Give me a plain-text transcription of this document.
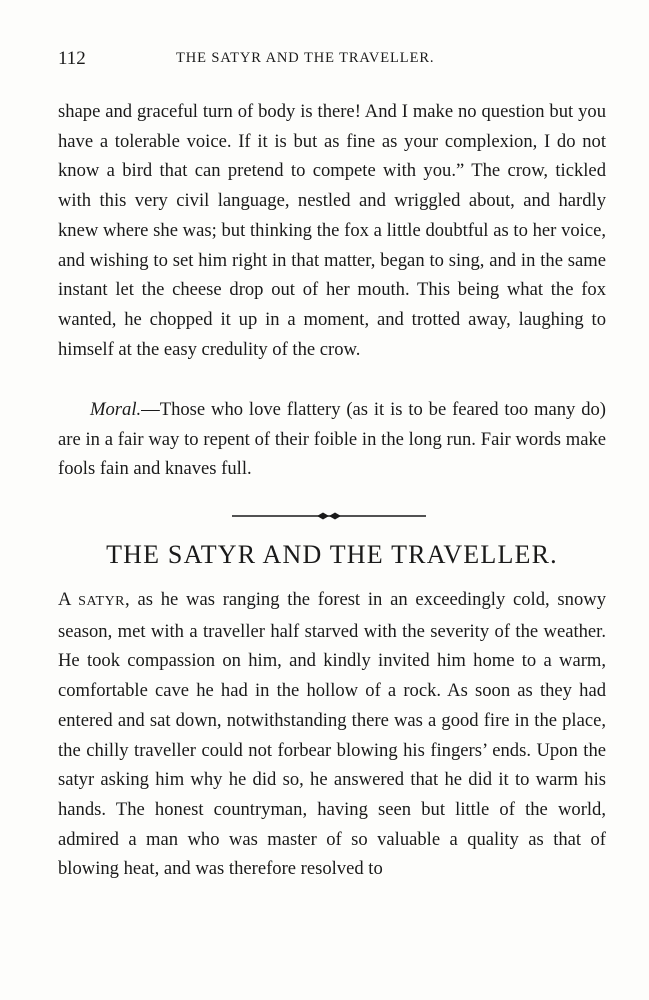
112	THE SATYR AND THE TRAVELLER.

shape and graceful turn of body is there! And I make no question but you have a tolerable voice. If it is but as fine as your complexion, I do not know a bird that can pretend to compete with you.” The crow, tickled with this very civil language, nestled and wriggled about, and hardly knew where she was; but thinking the fox a little doubtful as to her voice, and wishing to set him right in that matter, began to sing, and in the same instant let the cheese drop out of her mouth. This being what the fox wanted, he chopped it up in a moment, and trotted away, laughing to himself at the easy credulity of the crow.

Moral.—Those who love flattery (as it is to be feared too many do) are in a fair way to repent of their foible in the long run. Fair words make fools fain and knaves full.

THE SATYR AND THE TRAVELLER.

A SATYR, as he was ranging the forest in an exceedingly cold, snowy season, met with a traveller half starved with the severity of the weather. He took compassion on him, and kindly invited him home to a warm, comfortable cave he had in the hollow of a rock. As soon as they had entered and sat down, notwithstanding there was a good fire in the place, the chilly traveller could not forbear blowing his fingers’ ends. Upon the satyr asking him why he did so, he answered that he did it to warm his hands. The honest countryman, having seen but little of the world, admired a man who was master of so valuable a quality as that of blowing heat, and was therefore resolved to
